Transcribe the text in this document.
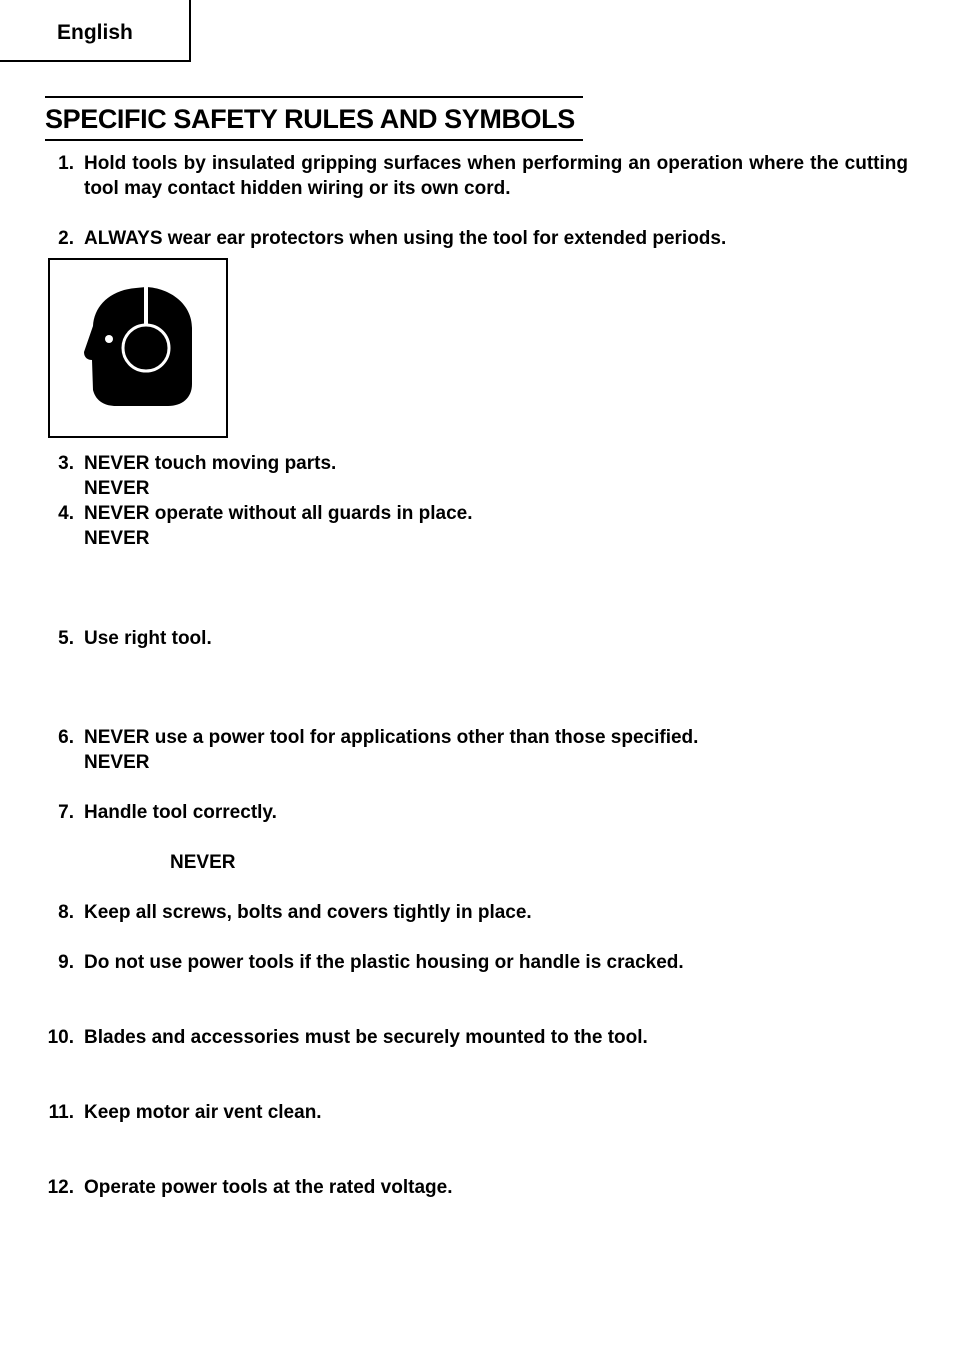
English
SPECIFIC SAFETY RULES AND SYMBOLS
1. Hold tools by insulated gripping surfaces when performing an operation where the cutting tool may contact hidden wiring or its own cord.
2. ALWAYS wear ear protectors when using the tool for extended periods.
3. NEVER touch moving parts.
NEVER
4. NEVER operate without all guards in place.
NEVER
5. Use right tool.
6. NEVER use a power tool for applications other than those specified.
NEVER
7. Handle tool correctly.
NEVER
8. Keep all screws, bolts and covers tightly in place.
9. Do not use power tools if the plastic housing or handle is cracked.
10. Blades and accessories must be securely mounted to the tool.
11. Keep motor air vent clean.
12. Operate power tools at the rated voltage.
